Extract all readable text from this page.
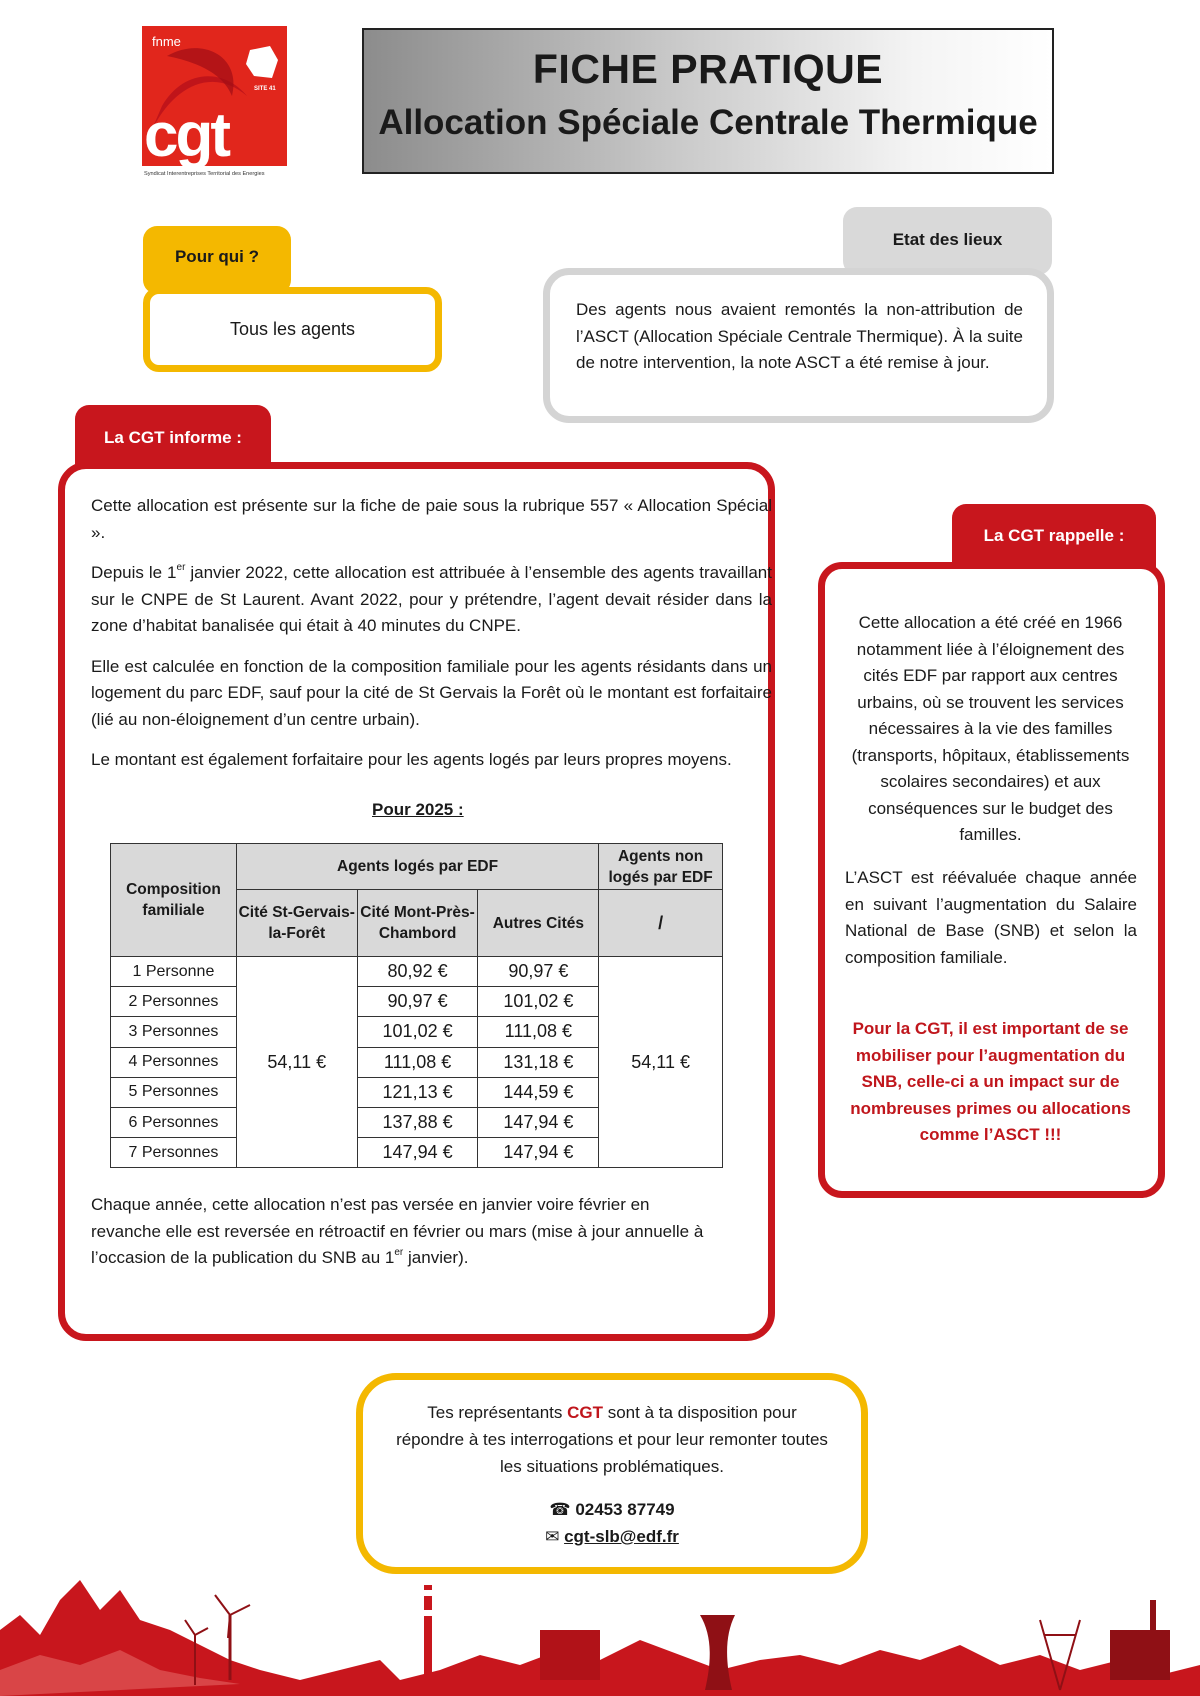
fnme
SITE 41
cgt
Syndicat Interentreprises Territorial des Energies
FICHE PRATIQUE
Allocation Spéciale Centrale Thermique
Pour qui ?
Tous les agents
Etat des lieux
Des agents nous avaient remontés la non-attribution de l’ASCT (Allocation Spéciale Centrale Thermique). À la suite de notre intervention, la note ASCT a été remise à jour.
La CGT informe :

Cette allocation est présente sur la fiche de paie sous la rubrique 557 « Allocation Spécial ».

Depuis le 1er janvier 2022, cette allocation est attribuée à l’ensemble des agents travaillant sur le CNPE de St Laurent. Avant 2022, pour y prétendre, l’agent devait résider dans la zone d’habitat banalisée qui était à 40 minutes du CNPE.

Elle est calculée en fonction de la composition familiale pour les agents résidants dans un logement du parc EDF, sauf pour la cité de St Gervais la Forêt où le montant est forfaitaire (lié au non-éloignement d’un centre urbain).

Le montant est également forfaitaire pour les agents logés par leurs propres moyens.

Pour 2025 :
Composition familiale	Agents logés par EDF			Agents non logés par EDF
	Cité St-Gervais-la-Forêt	Cité Mont-Près-Chambord	Autres Cités	/
1 Personne	54,11 €	80,92 €	90,97 €	54,11 €
2 Personnes		90,97 €	101,02 €	
3 Personnes		101,02 €	111,08 €	
4 Personnes		111,08 €	131,18 €	
5 Personnes		121,13 €	144,59 €	
6 Personnes		137,88 €	147,94 €	
7 Personnes		147,94 €	147,94 €	
Chaque année, cette allocation n’est pas versée en janvier voire février en revanche elle est reversée en rétroactif en février ou mars (mise à jour annuelle à l’occasion de la publication du SNB au 1er janvier).
La CGT rappelle :
Cette allocation a été créé en 1966 notamment liée à l’éloignement des cités EDF par rapport aux centres urbains, où se trouvent les services nécessaires à la vie des familles (transports, hôpitaux, établissements scolaires secondaires) et aux conséquences sur le budget des familles.
L’ASCT est réévaluée chaque année en suivant l’augmentation du Salaire National de Base (SNB) et selon la composition familiale.
Pour la CGT, il est important de se mobiliser pour l’augmentation du SNB, celle-ci a un impact sur de nombreuses primes ou allocations comme l’ASCT !!!
Tes représentants CGT sont à ta disposition pour répondre à tes interrogations et pour leur remonter toutes les situations problématiques.
☎ 02453 87749
✉ cgt-slb@edf.fr
